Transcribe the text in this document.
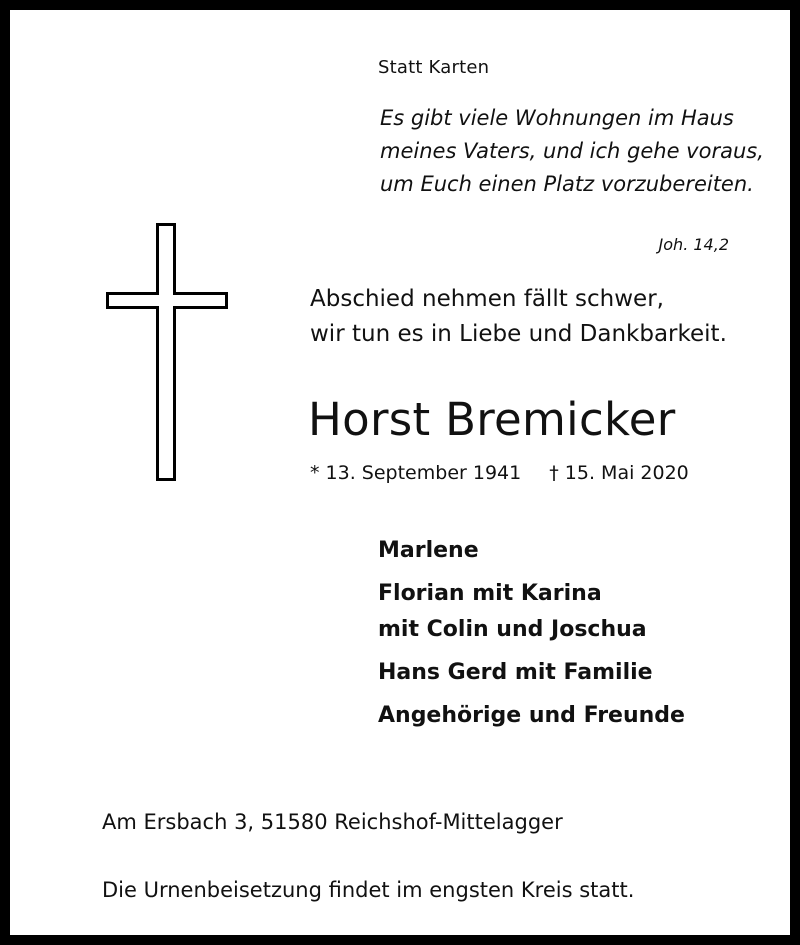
Statt Karten
Es gibt viele Wohnungen im Haus
meines Vaters, und ich gehe voraus,
um Euch einen Platz vorzubereiten.
Joh. 14,2
Abschied nehmen fällt schwer,
wir tun es in Liebe und Dankbarkeit.
Horst Bremicker
* 13. September 1941 † 15. Mai 2020
Marlene
Florian mit Karina
mit Colin und Joschua
Hans Gerd mit Familie
Angehörige und Freunde
Am Ersbach 3, 51580 Reichshof-Mittelagger
Die Urnenbeisetzung findet im engsten Kreis statt.
